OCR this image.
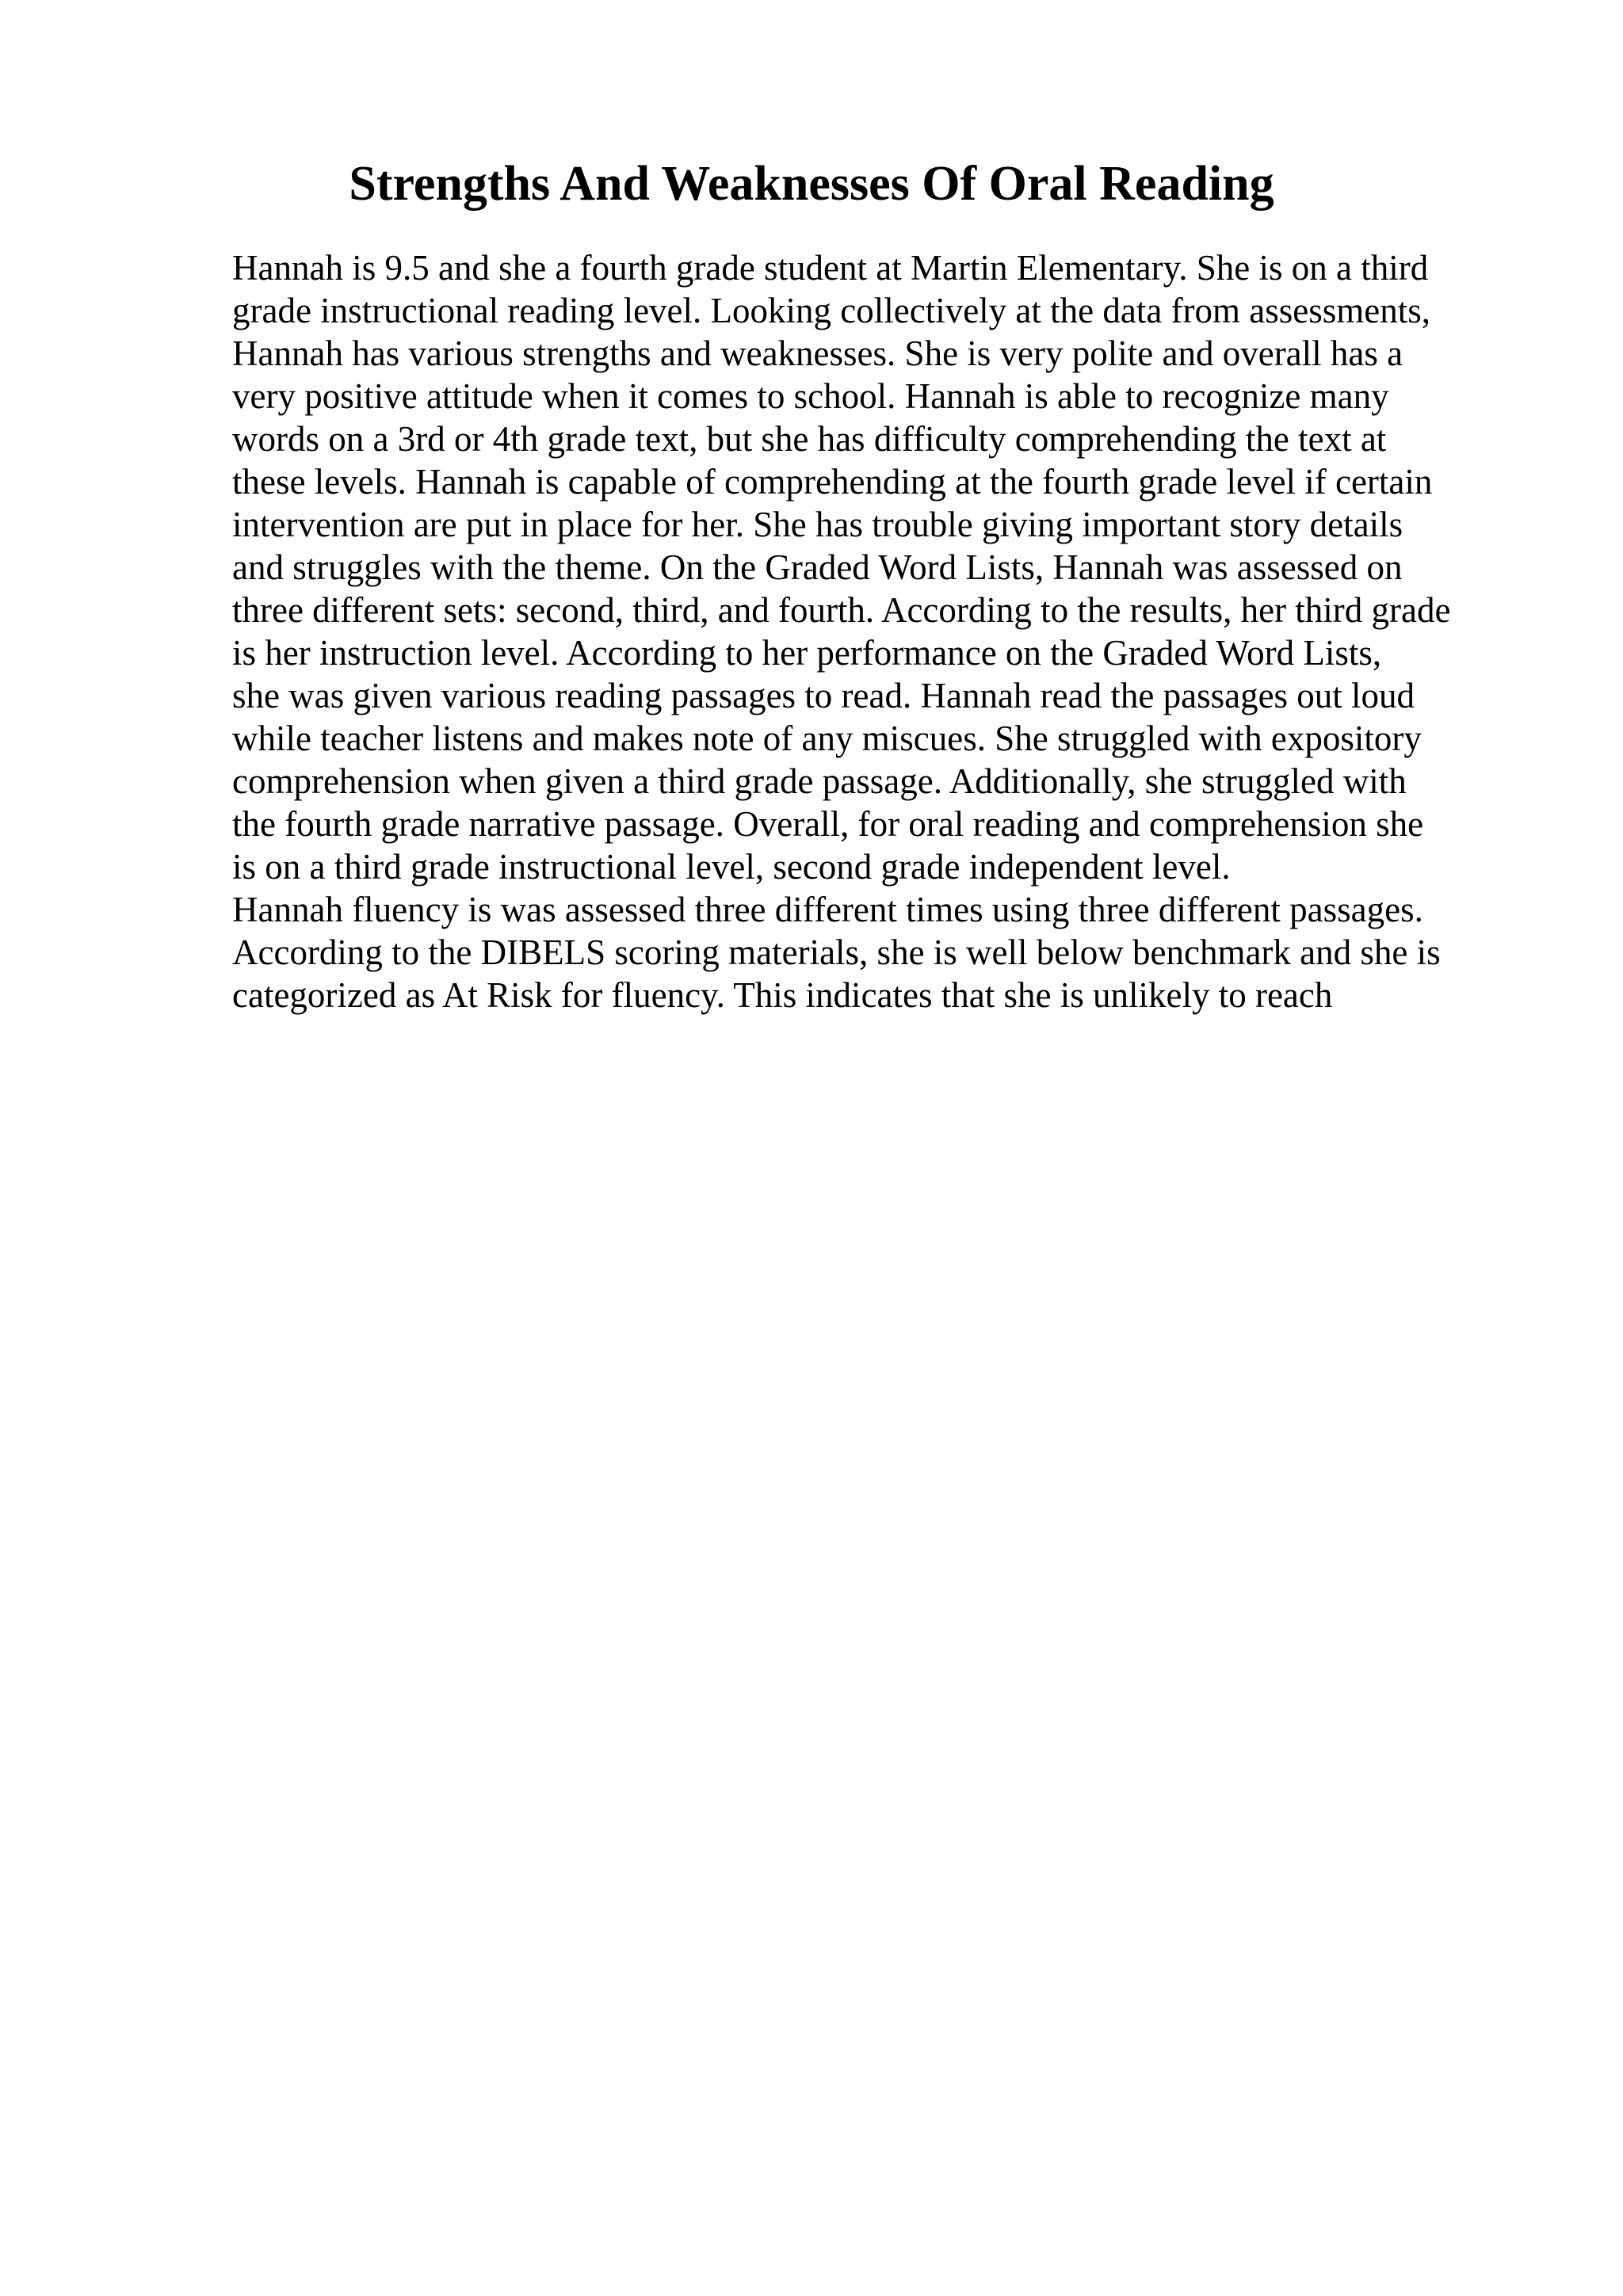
Strengths And Weaknesses Of Oral Reading
Hannah is 9.5 and she a fourth grade student at Martin Elementary. She is on a third
grade instructional reading level. Looking collectively at the data from assessments,
Hannah has various strengths and weaknesses. She is very polite and overall has a
very positive attitude when it comes to school. Hannah is able to recognize many
words on a 3rd or 4th grade text, but she has difficulty comprehending the text at
these levels. Hannah is capable of comprehending at the fourth grade level if certain
intervention are put in place for her. She has trouble giving important story details
and struggles with the theme. On the Graded Word Lists, Hannah was assessed on
three different sets: second, third, and fourth. According to the results, her third grade
is her instruction level. According to her performance on the Graded Word Lists,
she was given various reading passages to read. Hannah read the passages out loud
while teacher listens and makes note of any miscues. She struggled with expository
comprehension when given a third grade passage. Additionally, she struggled with
the fourth grade narrative passage. Overall, for oral reading and comprehension she
is on a third grade instructional level, second grade independent level.
Hannah fluency is was assessed three different times using three different passages.
According to the DIBELS scoring materials, she is well below benchmark and she is
categorized as At Risk for fluency. This indicates that she is unlikely to reach
